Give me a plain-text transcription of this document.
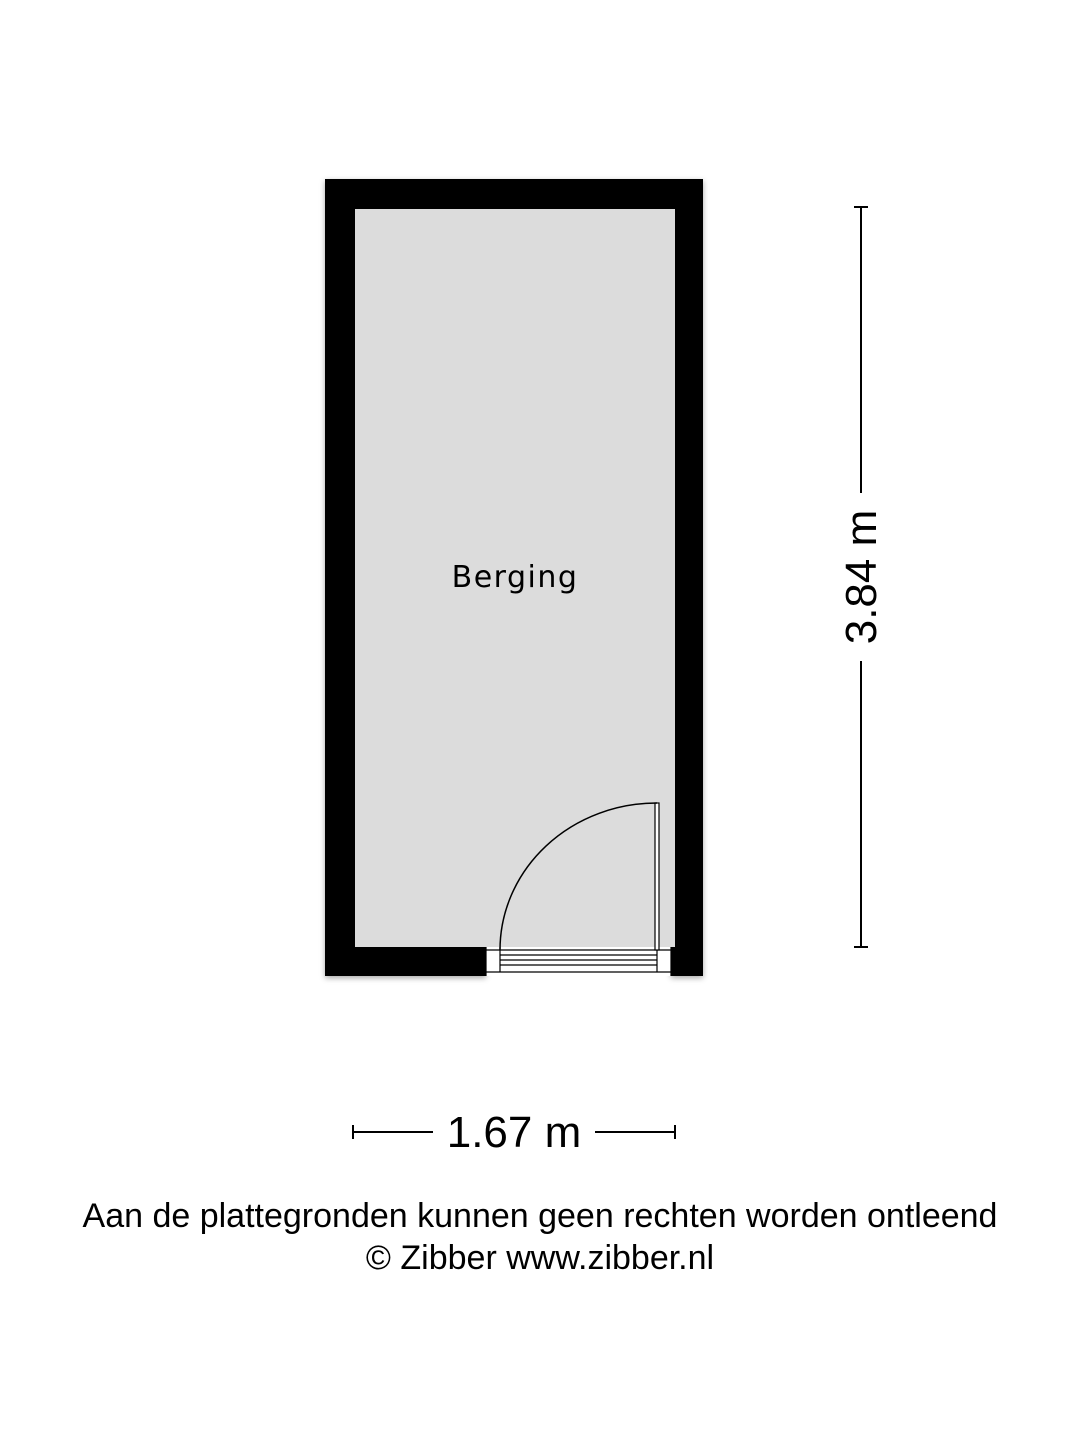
Berging
1.67 m
3.84 m
Aan de plattegronden kunnen geen rechten worden ontleend
© Zibber www.zibber.nl
